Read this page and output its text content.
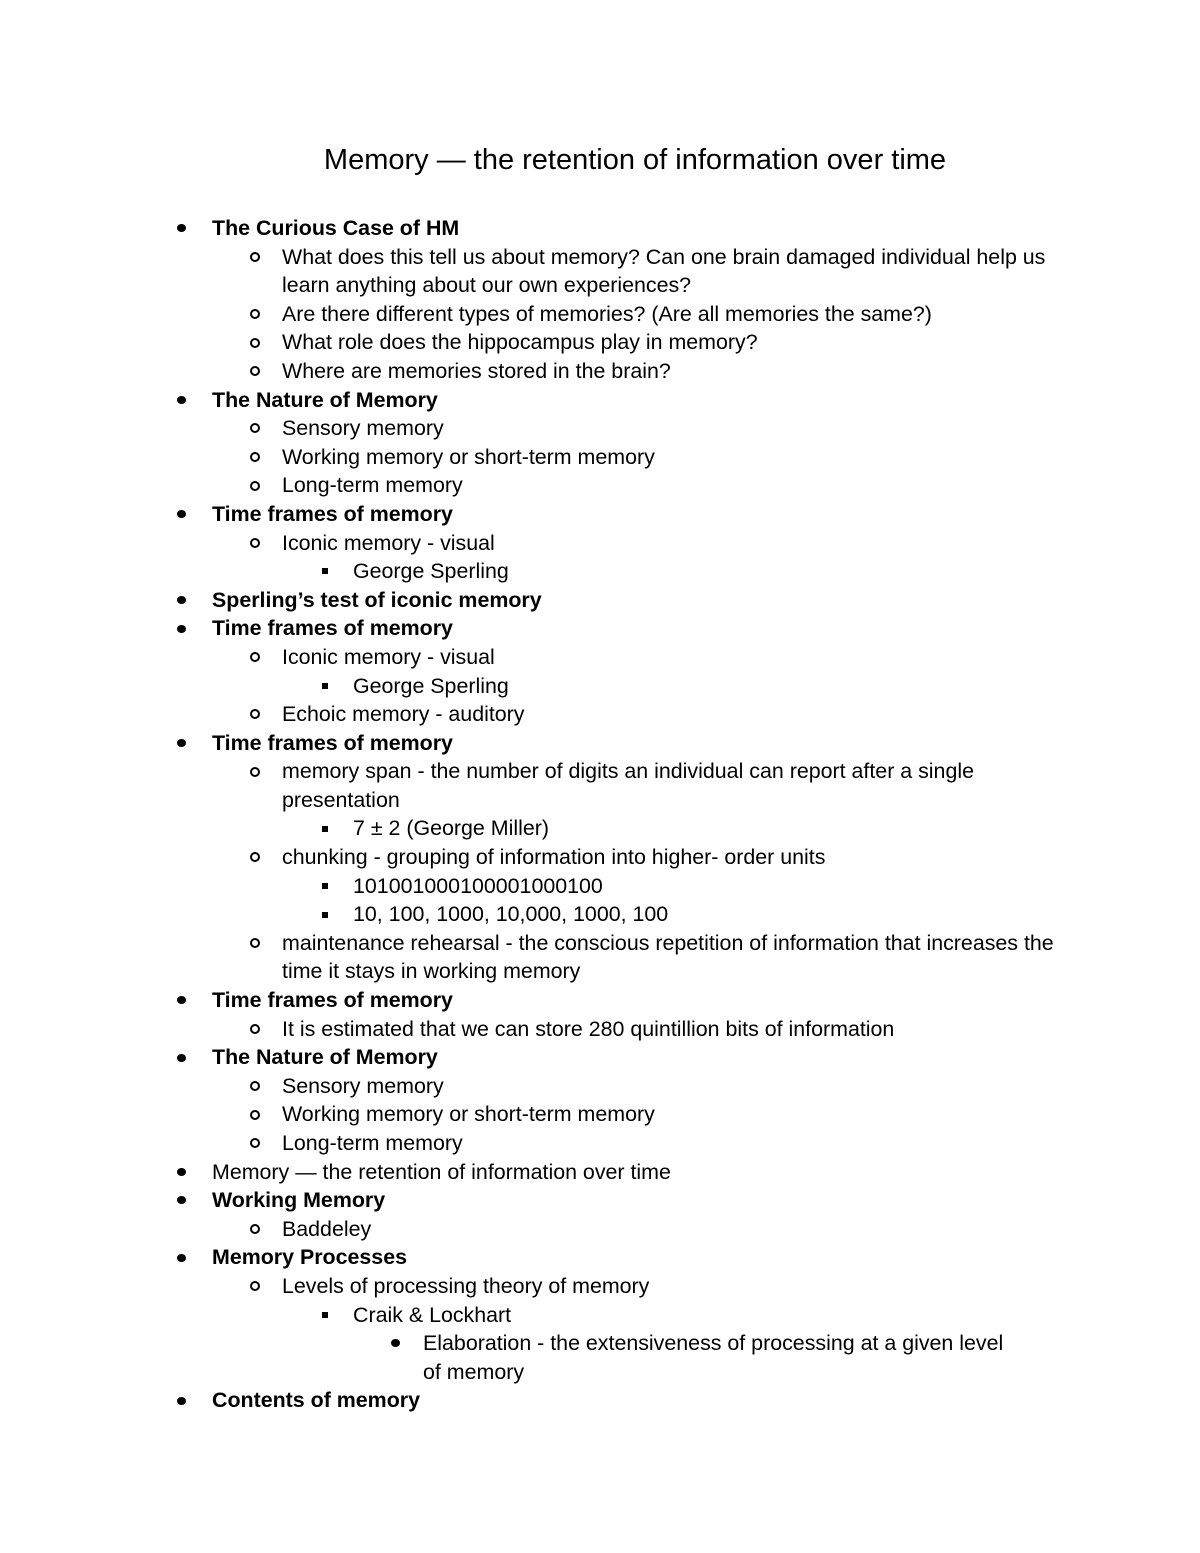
Memory — the retention of information over time
The Curious Case of HM
What does this tell us about memory? Can one brain damaged individual help us learn anything about our own experiences?
Are there different types of memories? (Are all memories the same?)
What role does the hippocampus play in memory?
Where are memories stored in the brain?
The Nature of Memory
Sensory memory
Working memory or short-term memory
Long-term memory
Time frames of memory
Iconic memory - visual
George Sperling
Sperling’s test of iconic memory
Time frames of memory
Iconic memory - visual
George Sperling
Echoic memory - auditory
Time frames of memory
memory span - the number of digits an individual can report after a single presentation
7 ± 2 (George Miller)
chunking - grouping of information into higher- order units
10100100010000100010​0
10, 100, 1000, 10,000, 1000, 100
maintenance rehearsal - the conscious repetition of information that increases the time it stays in working memory
Time frames of memory
It is estimated that we can store 280 quintillion bits of information
The Nature of Memory
Sensory memory
Working memory or short-term memory
Long-term memory
Memory — the retention of information over time
Working Memory
Baddeley
Memory Processes
Levels of processing theory of memory
Craik & Lockhart
Elaboration - the extensiveness of processing at a given level of memory
Contents of memory
